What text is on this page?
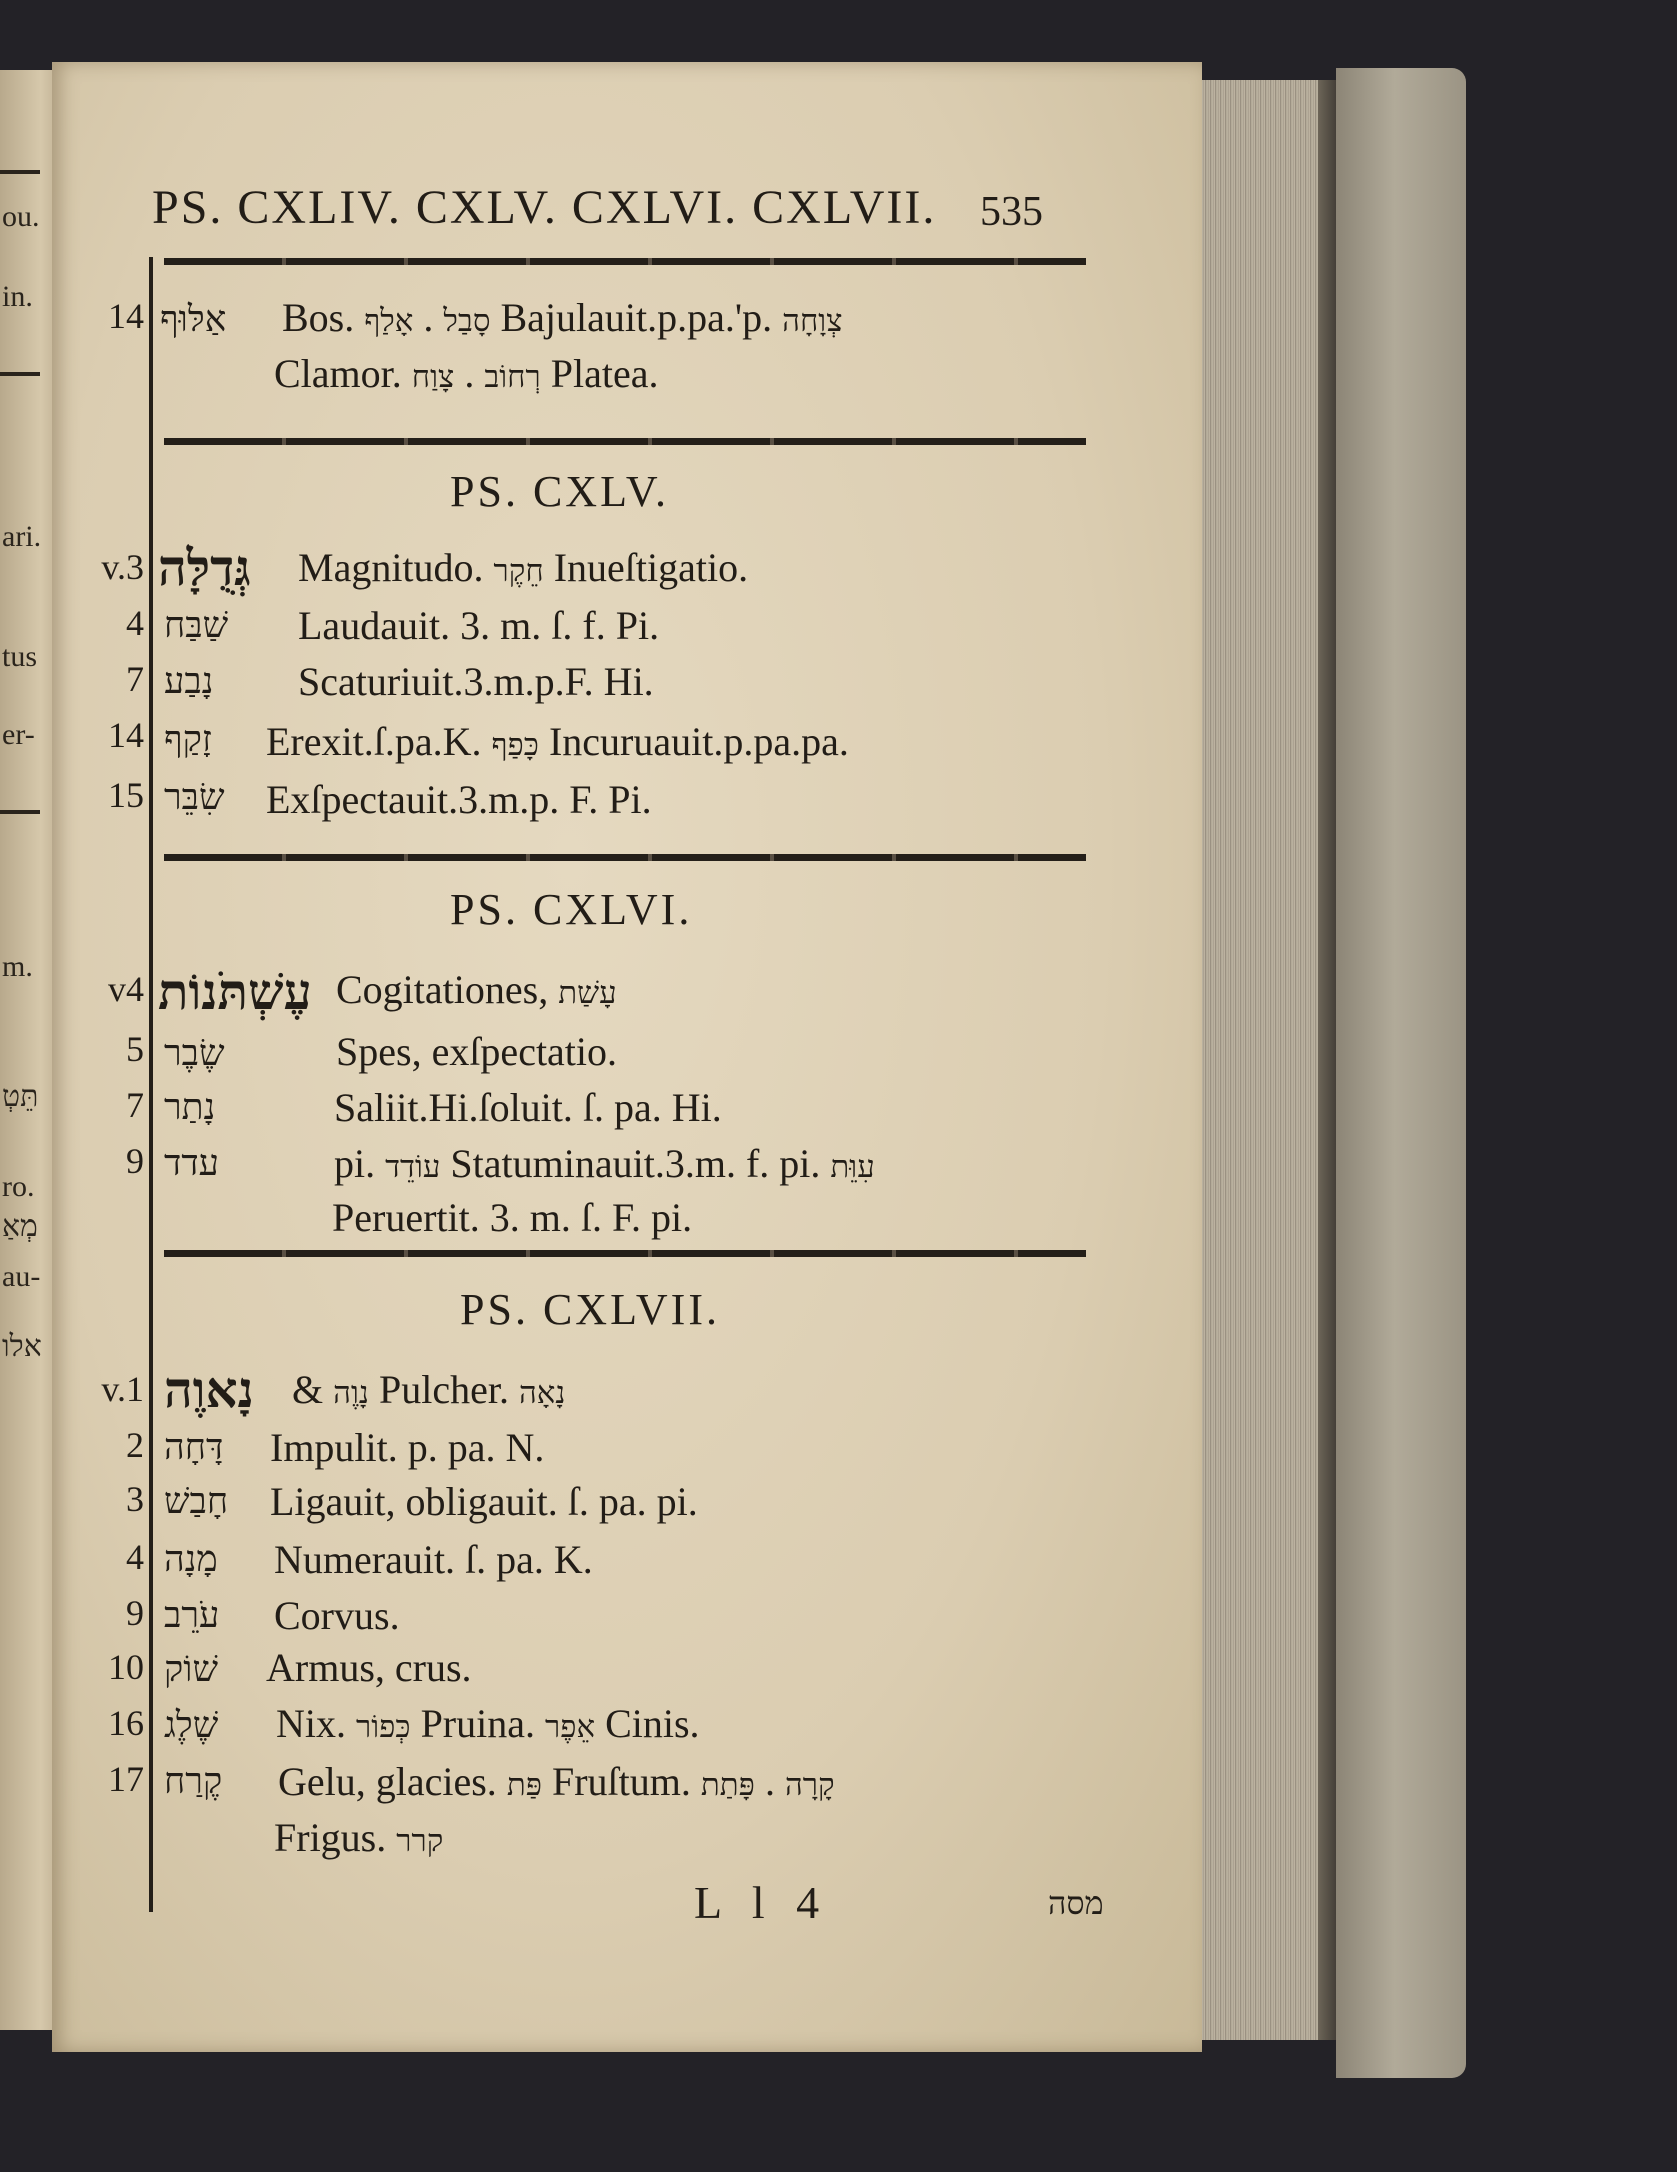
ou.
in.
ari.
tus
er-
m.
תֵּטְ
ro.
מְאַ
au-
אלו
PS. CXLIV. CXLV. CXLVI. CXLVII. 535
14 אַלּוּף Bos. אָלַף . סָבַל Bajulauit.p.pa.'p. צְוָחָה
Clamor. צָוַח . רְחוֹב Platea.
PS. CXLV.
v.3 גְּדֻלָּה Magnitudo. חֵקֶר Inueſtigatio.
4 שַׁבַּח Laudauit. 3. m. ſ. f. Pi.
7 נָבַע Scaturiuit.3.m.p.F. Hi.
14 זָקַף Erexit.ſ.pa.K. כָּפַף Incuruauit.p.pa.pa.
15 שִׂבֵּר Exſpectauit.3.m.p. F. Pi.
PS. CXLVI.
v4 עֶשְׁתֹּנוֹת Cogitationes, עָשַׁת
5 שֶׂבֶר	Spes, exſpectatio.
7 נָתַר	Saliit.Hi.ſoluit. ſ. pa. Hi.
9 עדד	pi. עוֹדֵד Statuminauit.3.m. f. pi. עִוֵּת
Peruertit. 3. m. ſ. F. pi.
PS. CXLVII.
v.1 נָאוֶה & נָוֶה Pulcher. נָאָה
2 דָּחָה Impulit. p. pa. N.
3 חָבַשׁ Ligauit, obligauit. ſ. pa. pi.
4 מָנָה Numerauit. ſ. pa. K.
9 עֹרֵב Corvus.
10 שׁוֹק Armus, crus.
16 שֶׁלֶג Nix. כְּפוֹר Pruina. אֵפֶר Cinis.
17 קֶרַח Gelu, glacies. פַּת Fruſtum. פָּתַת . קָרָה
Frigus. קרר
L l 4	מסה
